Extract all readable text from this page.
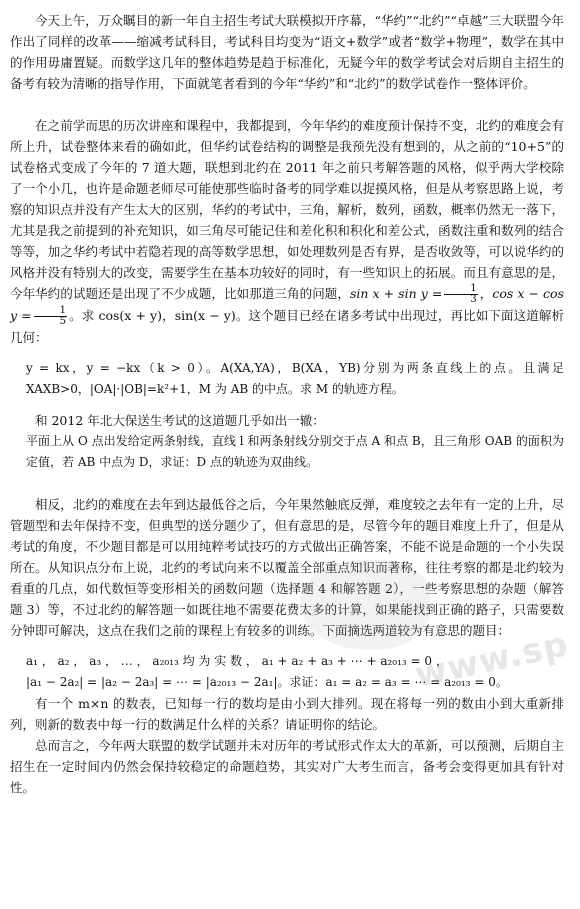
今天上午，万众瞩目的新一年自主招生考试大联模拟开序幕，“华约”“北约”“卓越”三大联盟今年作出了同样的改革——缩减考试科目，考试科目均变为“语文+数学”或者“数学+物理”，数学在其中的作用毋庸置疑。而数学这几年的整体趋势是趋于标准化，无疑今年的数学考试会对后期自主招生的备考有较为清晰的指导作用，下面就笔者看到的今年“华约”和“北约”的数学试卷作一整体评价。

在之前学而思的历次讲座和课程中，我都提到，今年华约的难度预计保持不变，北约的难度会有所上升，试卷整体来看的确如此，但华约试卷结构的调整是我预先没有想到的，从之前的“10+5”的试卷格式变成了今年的 7 道大题，联想到北约在 2011 年之前只考解答题的风格，似乎两大学校除了一个小几，也许是命题老师尽可能使那些临时备考的同学难以捉摸风格，但是从考察思路上说，考察的知识点并没有产生太大的区别，华约的考试中，三角，解析，数列，函数，概率仍然无一落下，尤其是我之前提到的补充知识，如三角尽可能记住和差化积和积化和差公式，函数注重和数列的结合等等，加之华约考试中若隐若现的高等数学思想，如处理数列是否有界，是否收敛等，可以说华约的风格并没有特别大的改变，需要学生在基本功较好的同时，有一些知识上的拓展。而且有意思的是，今年华约的试题还是出现了不少成题，比如那道三角的问题，$\sin x + \sin y = \frac{1}{3}$ ，$\cos x - \cos y = \frac{1}{5}$ 。求 cos(x + y)，sin(x − y)。这个题目已经在诸多考试中出现过，再比如下面这道解析几何：

y = kx，y = −kx（k > 0）。A(XA,YA)，B(XA，YB)分别为两条直线上的点。且满足 XAXB>0，|OA|·|OB|=k²+1，M 为 AB 的中点。求 M 的轨迹方程。

和 2012 年北大保送生考试的这道题几乎如出一辙：

平面上从 O 点出发给定两条射线，直线 l 和两条射线分别交于点 A 和点 B，且三角形 OAB 的面积为定值，若 AB 中点为 D，求证：D 点的轨迹为双曲线。

相反，北约的难度在去年到达最低谷之后，今年果然触底反弹，难度较之去年有一定的上升，尽管题型和去年保持不变，但典型的送分题少了，但有意思的是，尽管今年的题目难度上升了，但是从考试的角度，不少题目都是可以用纯粹考试技巧的方式做出正确答案，不能不说是命题的一个小失误所在。从知识点分布上说，北约的考试向来不以覆盖全部重点知识而著称，往往考察的都是北约较为看重的几点，如代数恒等变形相关的函数问题（选择题 4 和解答题 2），一些考察思想的杂题（解答题 3）等，不过北约的解答题一如既往地不需要花费太多的计算，如果能找到正确的路子，只需要数分钟即可解决，这点在我们之前的课程上有较多的训练。下面摘选两道较为有意思的题目：

a₁ ， a₂ ， a₃ ， … ， a₂₀₁₃ 均 为 实 数 ， a₁ + a₂ + a₃ + ⋯ + a₂₀₁₃ = 0 ，

|a₁ − 2a₂| = |a₂ − 2a₃| = ⋯ = |a₂₀₁₃ − 2a₁|。求证：a₁ = a₂ = a₃ = ⋯ = a₂₀₁₃ = 0。

有一个 m×n 的数表，已知每一行的数均是由小到大排列。现在将每一列的数由小到大重新排列，则新的数表中每一行的数满足什么样的关系？请证明你的结论。

总而言之，今年两大联盟的数学试题并未对历年的考试形式作太大的革新，可以预测，后期自主招生在一定时间内仍然会保持较稳定的命题趋势，其实对广大考生而言，备考会变得更加具有针对性。

www.sp
